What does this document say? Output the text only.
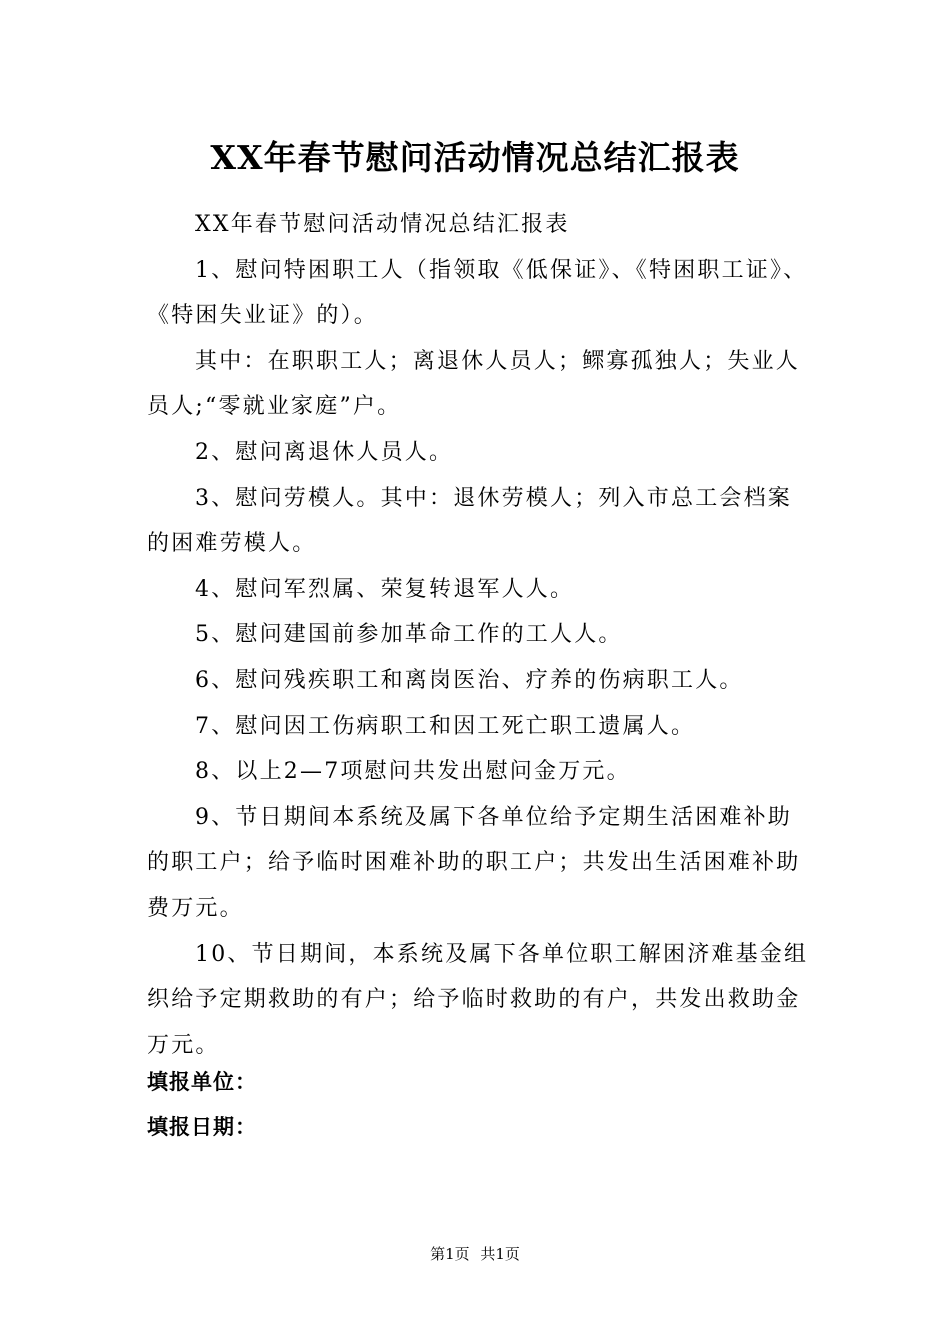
XX年春节慰问活动情况总结汇报表

XX年春节慰问活动情况总结汇报表

1、慰问特困职工人（指领取《低保证》、《特困职工证》、《特困失业证》的）。

其中：在职职工人；离退休人员人；鳏寡孤独人；失业人员人;“零就业家庭”户。

2、慰问离退休人员人。

3、慰问劳模人。其中：退休劳模人；列入市总工会档案的困难劳模人。

4、慰问军烈属、荣复转退军人人。

5、慰问建国前参加革命工作的工人人。

6、慰问残疾职工和离岗医治、疗养的伤病职工人。

7、慰问因工伤病职工和因工死亡职工遗属人。

8、以上2—7项慰问共发出慰问金万元。

9、节日期间本系统及属下各单位给予定期生活困难补助的职工户；给予临时困难补助的职工户；共发出生活困难补助费万元。

10、节日期间，本系统及属下各单位职工解困济难基金组织给予定期救助的有户；给予临时救助的有户，共发出救助金万元。

填报单位：

填报日期：

第1页 共1页
